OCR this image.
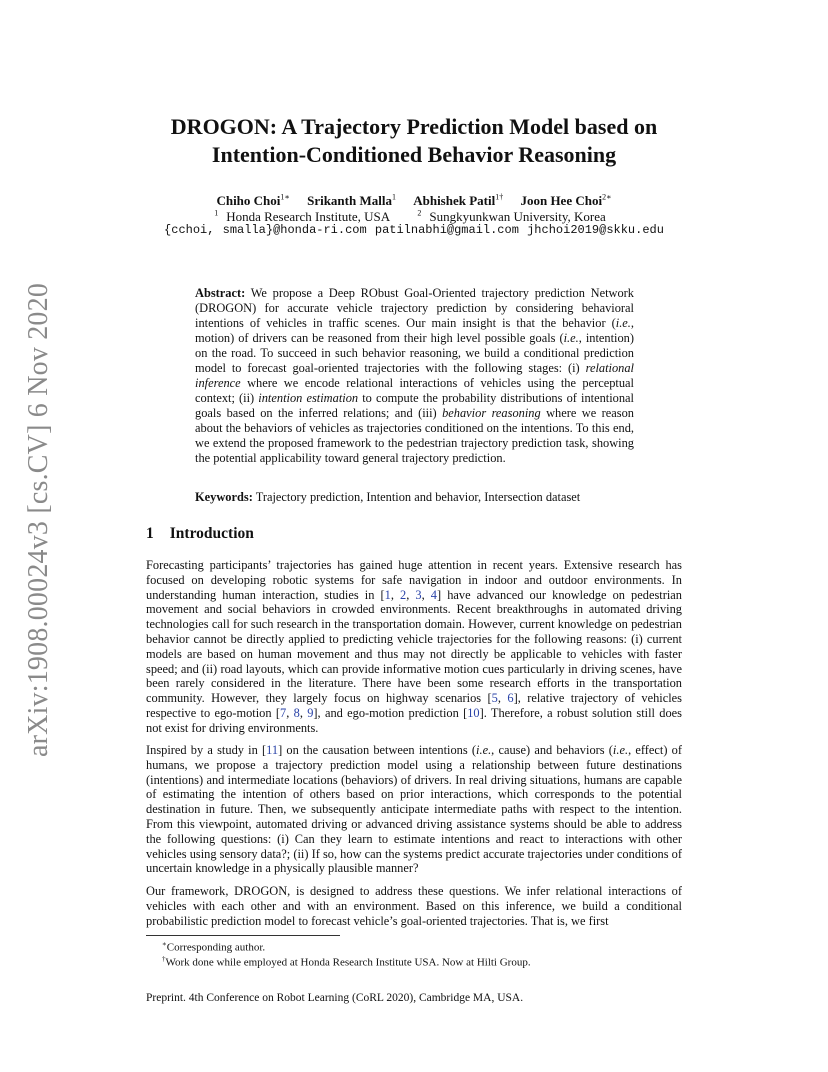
arXiv:1908.00024v3 [cs.CV] 6 Nov 2020
DROGON: A Trajectory Prediction Model based on
Intention-Conditioned Behavior Reasoning
Chiho Choi$^{1∗}$ Srikanth Malla$^1$ Abhishek Patil$^{1\dagger}$ Joon Hee Choi$^{2∗}$
$^1$ Honda Research Institute, USA	$^2$ Sungkyunkwan University, Korea
{cchoi, smalla}@honda-ri.com patilnabhi@gmail.com jhchoi2019@skku.edu

Abstract: We propose a Deep RObust Goal-Oriented trajectory prediction Network (DROGON) for accurate vehicle trajectory prediction by considering behavioral intentions of vehicles in traffic scenes. Our main insight is that the behavior (i.e., motion) of drivers can be reasoned from their high level possible goals (i.e., intention) on the road. To succeed in such behavior reasoning, we build a conditional prediction model to forecast goal-oriented trajectories with the following stages: (i) relational inference where we encode relational interactions of vehicles using the perceptual context; (ii) intention estimation to compute the probability distributions of intentional goals based on the inferred relations; and (iii) behavior reasoning where we reason about the behaviors of vehicles as trajectories conditioned on the intentions. To this end, we extend the proposed framework to the pedestrian trajectory prediction task, showing the potential applicability toward general trajectory prediction.

Keywords: Trajectory prediction, Intention and behavior, Intersection dataset

1 Introduction

Forecasting participants’ trajectories has gained huge attention in recent years. Extensive research has focused on developing robotic systems for safe navigation in indoor and outdoor environments. In understanding human interaction, studies in [1, 2, 3, 4] have advanced our knowledge on pedestrian movement and social behaviors in crowded environments. Recent breakthroughs in automated driving technologies call for such research in the transportation domain. However, current knowledge on pedestrian behavior cannot be directly applied to predicting vehicle trajectories for the following reasons: (i) current models are based on human movement and thus may not directly be applicable to vehicles with faster speed; and (ii) road layouts, which can provide informative motion cues particularly in driving scenes, have been rarely considered in the literature. There have been some research efforts in the transportation community. However, they largely focus on highway scenarios [5, 6], relative trajectory of vehicles respective to ego-motion [7, 8, 9], and ego-motion prediction [10]. Therefore, a robust solution still does not exist for driving environments.

Inspired by a study in [11] on the causation between intentions (i.e., cause) and behaviors (i.e., effect) of humans, we propose a trajectory prediction model using a relationship between future destinations (intentions) and intermediate locations (behaviors) of drivers. In real driving situations, humans are capable of estimating the intention of others based on prior interactions, which corresponds to the potential destination in future. Then, we subsequently anticipate intermediate paths with respect to the intention. From this viewpoint, automated driving or advanced driving assistance systems should be able to address the following questions: (i) Can they learn to estimate intentions and react to interactions with other vehicles using sensory data?; (ii) If so, how can the systems predict accurate trajectories under conditions of uncertain knowledge in a physically plausible manner?

Our framework, DROGON, is designed to address these questions. We infer relational interactions of vehicles with each other and with an environment. Based on this inference, we build a conditional probabilistic prediction model to forecast vehicle’s goal-oriented trajectories. That is, we first

∗Corresponding author.

†Work done while employed at Honda Research Institute USA. Now at Hilti Group.

Preprint. 4th Conference on Robot Learning (CoRL 2020), Cambridge MA, USA.
